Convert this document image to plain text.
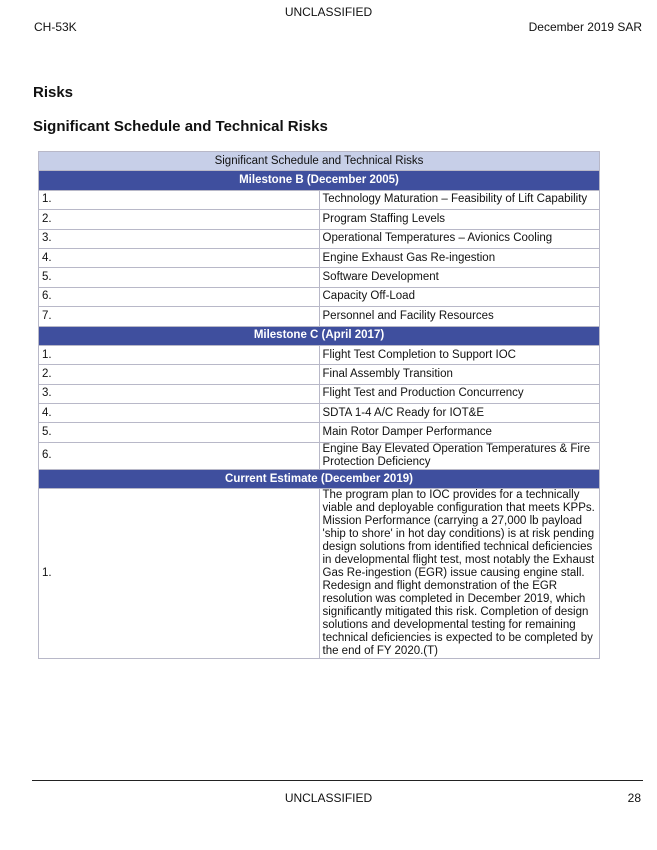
UNCLASSIFIED
CH-53K	December 2019 SAR
Risks
Significant Schedule and Technical Risks
Significant Schedule and Technical Risks	
Milestone B (December 2005)	
1.	Technology Maturation – Feasibility of Lift Capability
2.	Program Staffing Levels
3.	Operational Temperatures – Avionics Cooling
4.	Engine Exhaust Gas Re-ingestion
5.	Software Development
6.	Capacity Off-Load
7.	Personnel and Facility Resources
Milestone C (April 2017)	
1.	Flight Test Completion to Support IOC
2.	Final Assembly Transition
3.	Flight Test and Production Concurrency
4.	SDTA 1-4 A/C Ready for IOT&E
5.	Main Rotor Damper Performance
6.	Engine Bay Elevated Operation Temperatures & Fire Protection Deficiency
Current Estimate (December 2019)	
1.	The program plan to IOC provides for a technically viable and deployable configuration that meets KPPs. Mission Performance (carrying a 27,000 lb payload 'ship to shore' in hot day conditions) is at risk pending design solutions from identified technical deficiencies in developmental flight test, most notably the Exhaust Gas Re-ingestion (EGR) issue causing engine stall. Redesign and flight demonstration of the EGR resolution was completed in December 2019, which significantly mitigated this risk. Completion of design solutions and developmental testing for remaining technical deficiencies is expected to be completed by the end of FY 2020.(T)
UNCLASSIFIED	28
